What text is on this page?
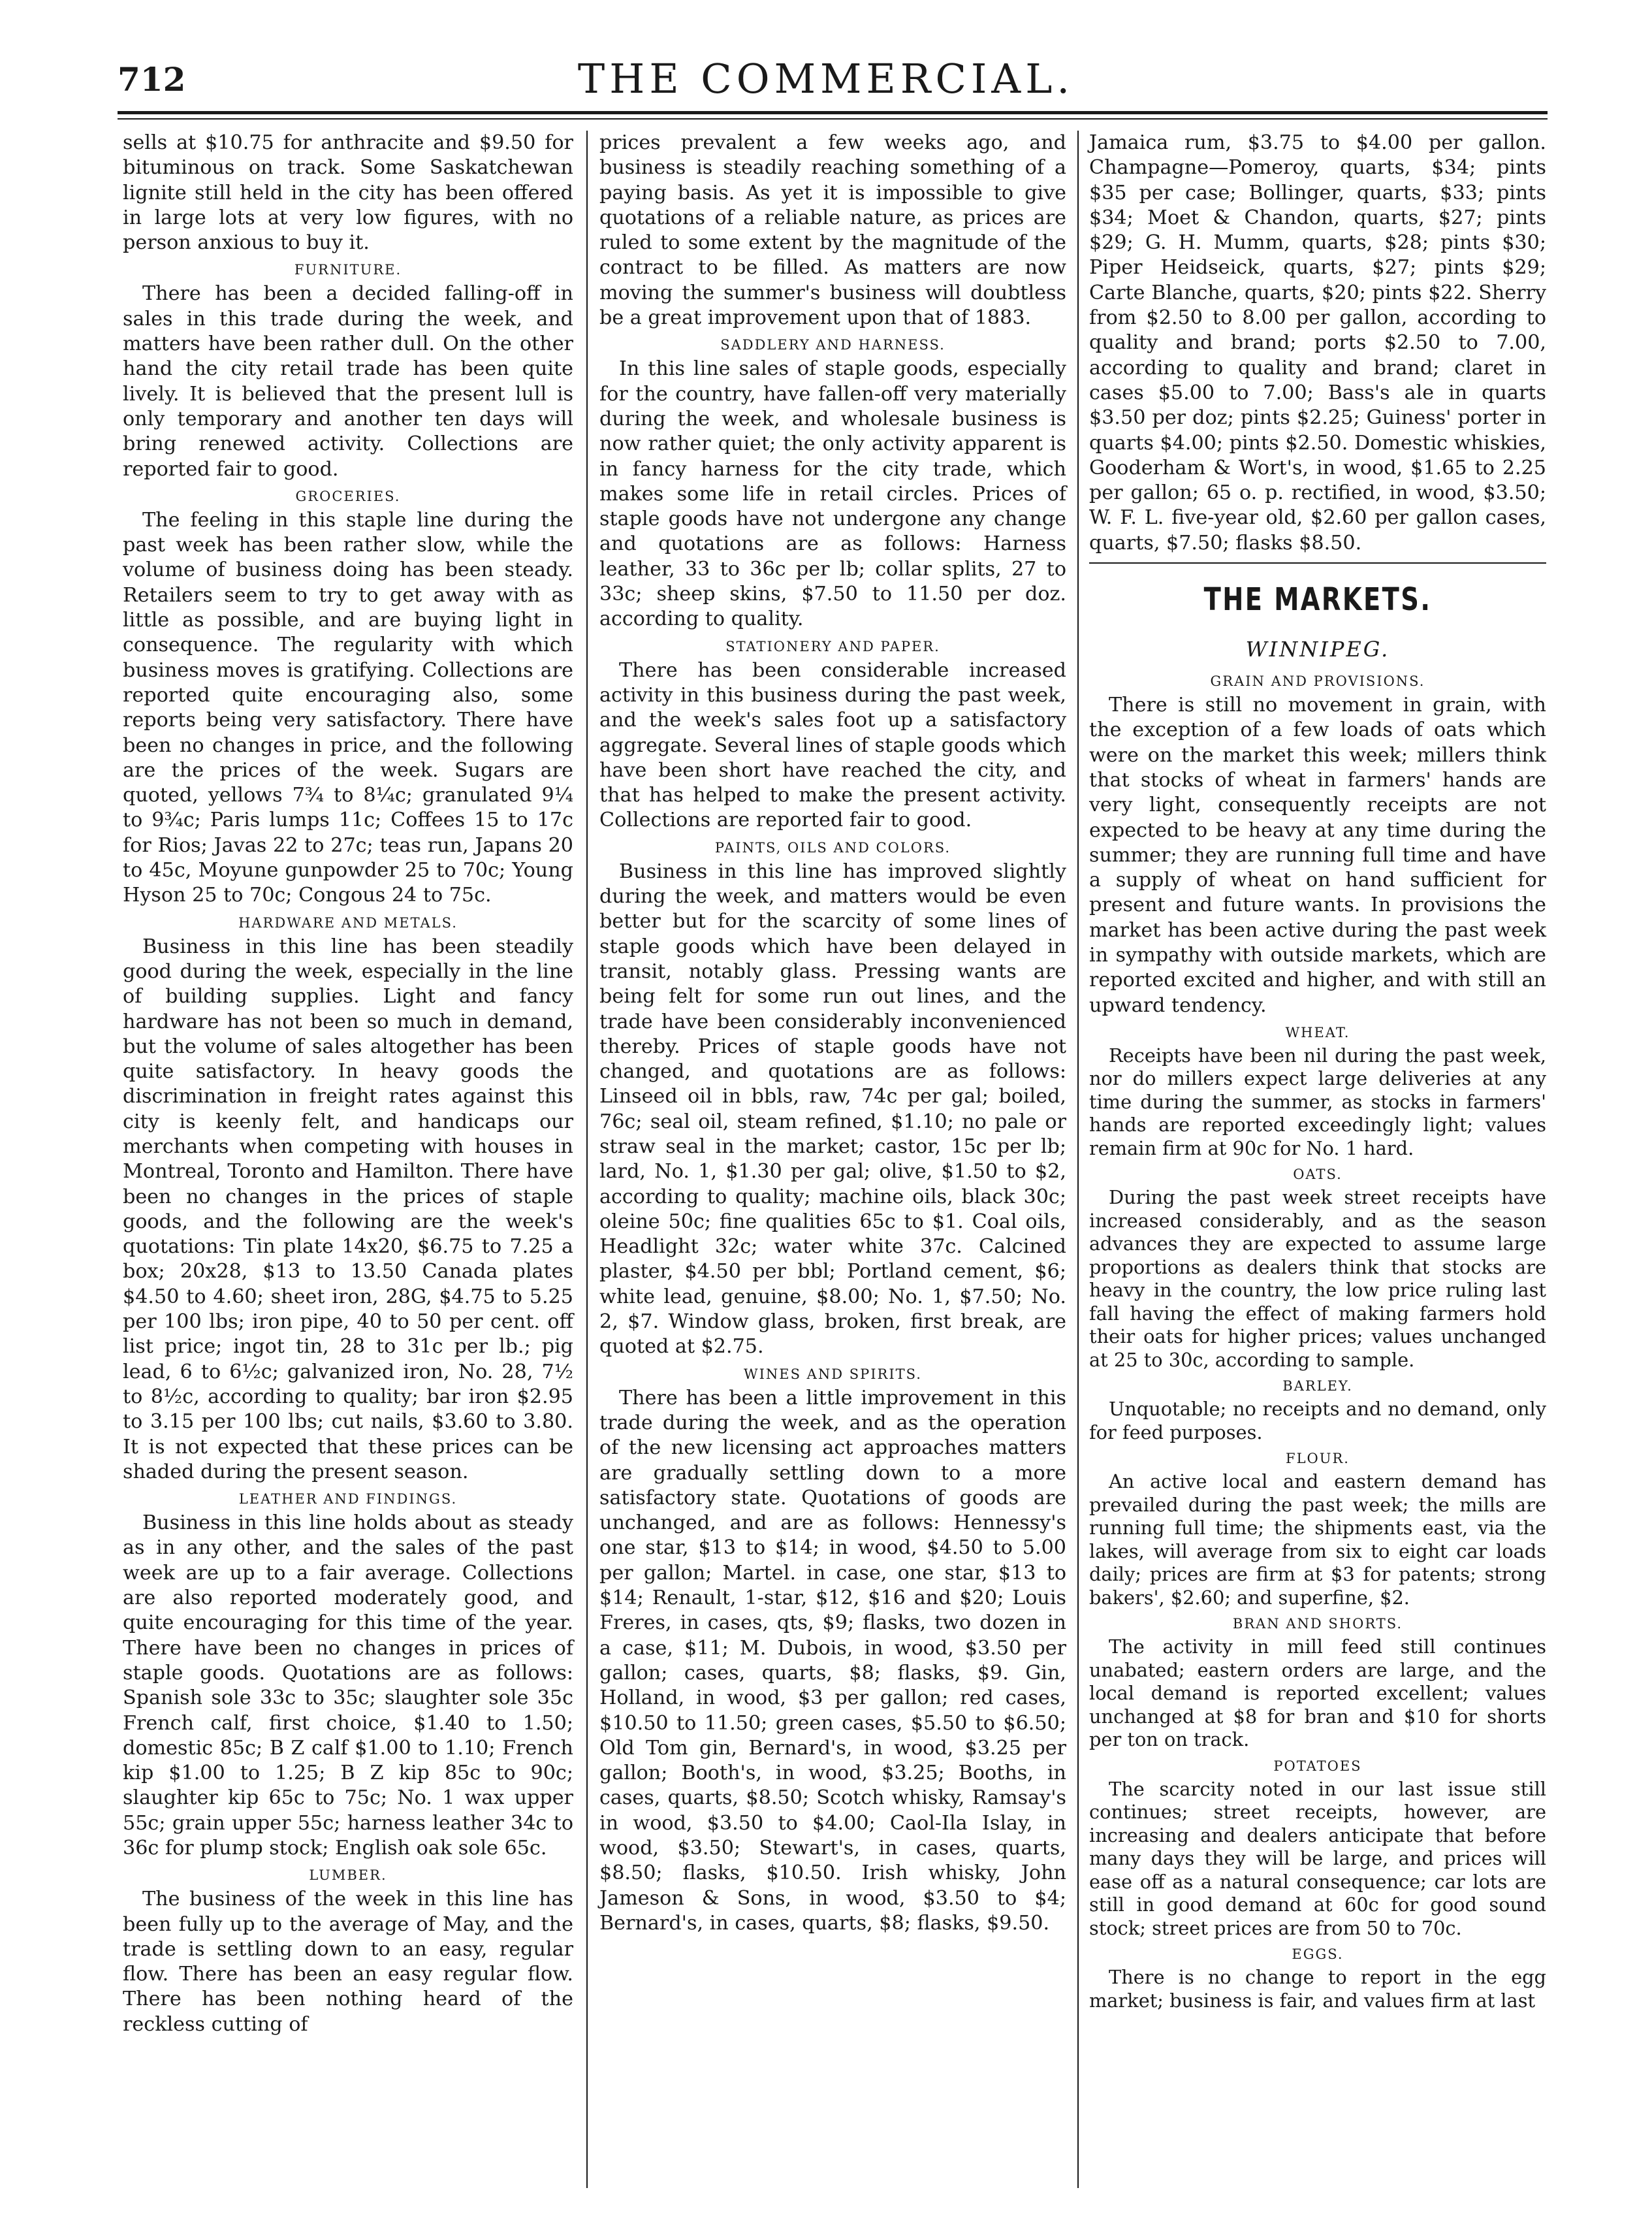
712	THE COMMERCIAL.

sells at $10.75 for anthracite and $9.50 for bituminous on track. Some Saskatchewan lignite still held in the city has been offered in large lots at very low figures, with no person anxious to buy it.

FURNITURE.

There has been a decided falling-off in sales in this trade during the week, and matters have been rather dull. On the other hand the city retail trade has been quite lively. It is believed that the present lull is only temporary and another ten days will bring renewed activity. Collections are reported fair to good.

GROCERIES.

The feeling in this staple line during the past week has been rather slow, while the volume of business doing has been steady. Retailers seem to try to get away with as little as possible, and are buying light in consequence. The regularity with which business moves is gratifying. Collections are reported quite encouraging also, some reports being very satisfactory. There have been no changes in price, and the following are the prices of the week. Sugars are quoted, yellows 7¾ to 8¼c; granulated 9¼ to 9¾c; Paris lumps 11c; Coffees 15 to 17c for Rios; Javas 22 to 27c; teas run, Japans 20 to 45c, Moyune gunpowder 25 to 70c; Young Hyson 25 to 70c; Congous 24 to 75c.

HARDWARE AND METALS.

Business in this line has been steadily good during the week, especially in the line of building supplies. Light and fancy hardware has not been so much in demand, but the volume of sales altogether has been quite satisfactory. In heavy goods the discrimination in freight rates against this city is keenly felt, and handicaps our merchants when competing with houses in Montreal, Toronto and Hamilton. There have been no changes in the prices of staple goods, and the following are the week's quotations: Tin plate 14x20, $6.75 to 7.25 a box; 20x28, $13 to 13.50 Canada plates $4.50 to 4.60; sheet iron, 28G, $4.75 to 5.25 per 100 lbs; iron pipe, 40 to 50 per cent. off list price; ingot tin, 28 to 31c per lb.; pig lead, 6 to 6½c; galvanized iron, No. 28, 7½ to 8½c, according to quality; bar iron $2.95 to 3.15 per 100 lbs; cut nails, $3.60 to 3.80. It is not expected that these prices can be shaded during the present season.

LEATHER AND FINDINGS.

Business in this line holds about as steady as in any other, and the sales of the past week are up to a fair average. Collections are also reported moderately good, and quite encouraging for this time of the year. There have been no changes in prices of staple goods. Quotations are as follows: Spanish sole 33c to 35c; slaughter sole 35c French calf, first choice, $1.40 to 1.50; domestic 85c; B Z calf $1.00 to 1.10; French kip $1.00 to 1.25; B Z kip 85c to 90c; slaughter kip 65c to 75c; No. 1 wax upper 55c; grain upper 55c; harness leather 34c to 36c for plump stock; English oak sole 65c.

LUMBER.

The business of the week in this line has been fully up to the average of May, and the trade is settling down to an easy, regular flow. There has been an easy regular flow. There has been nothing heard of the reckless cutting of

prices prevalent a few weeks ago, and business is steadily reaching something of a paying basis. As yet it is impossible to give quotations of a reliable nature, as prices are ruled to some extent by the magnitude of the contract to be filled. As matters are now moving the summer's business will doubtless be a great improvement upon that of 1883.

SADDLERY AND HARNESS.

In this line sales of staple goods, especially for the country, have fallen-off very materially during the week, and wholesale business is now rather quiet; the only activity apparent is in fancy harness for the city trade, which makes some life in retail circles. Prices of staple goods have not undergone any change and quotations are as follows: Harness leather, 33 to 36c per lb; collar splits, 27 to 33c; sheep skins, $7.50 to 11.50 per doz. according to quality.

STATIONERY AND PAPER.

There has been considerable increased activity in this business during the past week, and the week's sales foot up a satisfactory aggregate. Several lines of staple goods which have been short have reached the city, and that has helped to make the present activity. Collections are reported fair to good.

PAINTS, OILS AND COLORS.

Business in this line has improved slightly during the week, and matters would be even better but for the scarcity of some lines of staple goods which have been delayed in transit, notably glass. Pressing wants are being felt for some run out lines, and the trade have been considerably inconvenienced thereby. Prices of staple goods have not changed, and quotations are as follows: Linseed oil in bbls, raw, 74c per gal; boiled, 76c; seal oil, steam refined, $1.10; no pale or straw seal in the market; castor, 15c per lb; lard, No. 1, $1.30 per gal; olive, $1.50 to $2, according to quality; machine oils, black 30c; oleine 50c; fine qualities 65c to $1. Coal oils, Headlight 32c; water white 37c. Calcined plaster, $4.50 per bbl; Portland cement, $6; white lead, genuine, $8.00; No. 1, $7.50; No. 2, $7. Window glass, broken, first break, are quoted at $2.75.

WINES AND SPIRITS.

There has been a little improvement in this trade during the week, and as the operation of the new licensing act approaches matters are gradually settling down to a more satisfactory state. Quotations of goods are unchanged, and are as follows: Hennessy's one star, $13 to $14; in wood, $4.50 to 5.00 per gallon; Martel. in case, one star, $13 to $14; Renault, 1-star, $12, $16 and $20; Louis Freres, in cases, qts, $9; flasks, two dozen in a case, $11; M. Dubois, in wood, $3.50 per gallon; cases, quarts, $8; flasks, $9. Gin, Holland, in wood, $3 per gallon; red cases, $10.50 to 11.50; green cases, $5.50 to $6.50; Old Tom gin, Bernard's, in wood, $3.25 per gallon; Booth's, in wood, $3.25; Booths, in cases, quarts, $8.50; Scotch whisky, Ramsay's in wood, $3.50 to $4.00; Caol-Ila Islay, in wood, $3.50; Stewart's, in cases, quarts, $8.50; flasks, $10.50. Irish whisky, John Jameson & Sons, in wood, $3.50 to $4; Bernard's, in cases, quarts, $8; flasks, $9.50.

Jamaica rum, $3.75 to $4.00 per gallon. Champagne—Pomeroy, quarts, $34; pints $35 per case; Bollinger, quarts, $33; pints $34; Moet & Chandon, quarts, $27; pints $29; G. H. Mumm, quarts, $28; pints $30; Piper Heidseick, quarts, $27; pints $29; Carte Blanche, quarts, $20; pints $22. Sherry from $2.50 to 8.00 per gallon, according to quality and brand; ports $2.50 to 7.00, according to quality and brand; claret in cases $5.00 to 7.00; Bass's ale in quarts $3.50 per doz; pints $2.25; Guiness' porter in quarts $4.00; pints $2.50. Domestic whiskies, Gooderham & Wort's, in wood, $1.65 to 2.25 per gallon; 65 o. p. rectified, in wood, $3.50; W. F. L. five-year old, $2.60 per gallon cases, quarts, $7.50; flasks $8.50.

THE MARKETS.
WINNIPEG.

GRAIN AND PROVISIONS.

There is still no movement in grain, with the exception of a few loads of oats which were on the market this week; millers think that stocks of wheat in farmers' hands are very light, consequently receipts are not expected to be heavy at any time during the summer; they are running full time and have a supply of wheat on hand sufficient for present and future wants. In provisions the market has been active during the past week in sympathy with outside markets, which are reported excited and higher, and with still an upward tendency.

WHEAT.

Receipts have been nil during the past week, nor do millers expect large deliveries at any time during the summer, as stocks in farmers' hands are reported exceedingly light; values remain firm at 90c for No. 1 hard.

OATS.

During the past week street receipts have increased considerably, and as the season advances they are expected to assume large proportions as dealers think that stocks are heavy in the country, the low price ruling last fall having the effect of making farmers hold their oats for higher prices; values unchanged at 25 to 30c, according to sample.

BARLEY.

Unquotable; no receipts and no demand, only for feed purposes.

FLOUR.

An active local and eastern demand has prevailed during the past week; the mills are running full time; the shipments east, via the lakes, will average from six to eight car loads daily; prices are firm at $3 for patents; strong bakers', $2.60; and superfine, $2.

BRAN AND SHORTS.

The activity in mill feed still continues unabated; eastern orders are large, and the local demand is reported excellent; values unchanged at $8 for bran and $10 for shorts per ton on track.

POTATOES

The scarcity noted in our last issue still continues; street receipts, however, are increasing and dealers anticipate that before many days they will be large, and prices will ease off as a natural consequence; car lots are still in good demand at 60c for good sound stock; street prices are from 50 to 70c.

EGGS.

There is no change to report in the egg market; business is fair, and values firm at last
